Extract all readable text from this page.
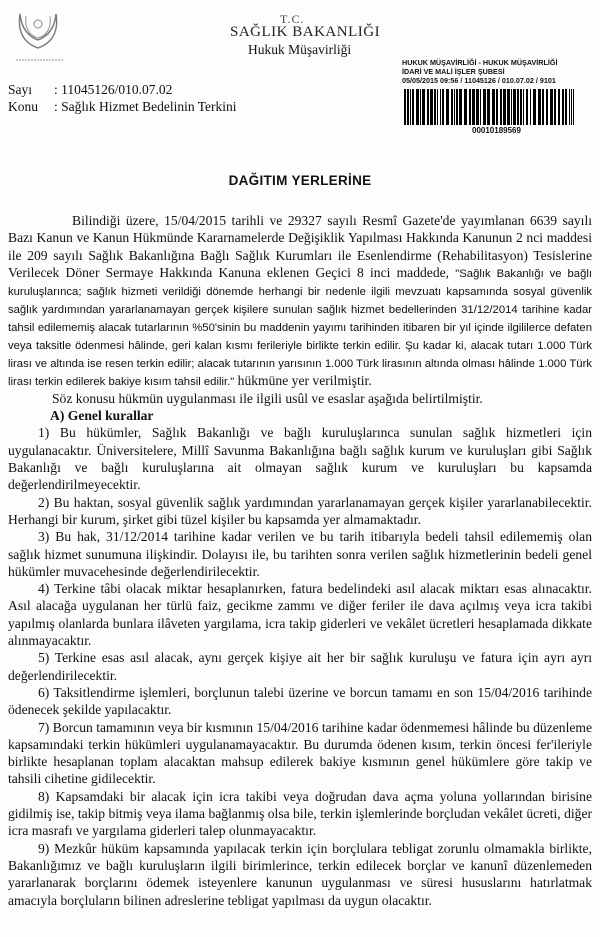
T.C.
SAĞLIK BAKANLIĞI
Hukuk Müşavirliği
Sayı : 11045126/010.07.02
Konu : Sağlık Hizmet Bedelinin Terkini
HUKUK MÜŞAVİRLİĞİ - HUKUK MÜŞAVİRLİĞİ
İDARİ VE MALİ İŞLER ŞUBESİ
05/05/2015 09:56 / 11045126 / 010.07.02 / 9101
00010189569
DAĞITIM YERLERİNE

Bilindiği üzere, 15/04/2015 tarihli ve 29327 sayılı Resmî Gazete'de yayımlanan 6639 sayılı Bazı Kanun ve Kanun Hükmünde Kararnamelerde Değişiklik Yapılması Hakkında Kanunun 2 nci maddesi ile 209 sayılı Sağlık Bakanlığına Bağlı Sağlık Kurumları ile Esenlendirme (Rehabilitasyon) Tesislerine Verilecek Döner Sermaye Hakkında Kanuna eklenen Geçici 8 inci maddede, "Sağlık Bakanlığı ve bağlı kuruluşlarınca; sağlık hizmeti verildiği dönemde herhangi bir nedenle ilgili mevzuatı kapsamında sosyal güvenlik sağlık yardımından yararlanamayan gerçek kişilere sunulan sağlık hizmet bedellerinden 31/12/2014 tarihine kadar tahsil edilememiş alacak tutarlarının %50'sinin bu maddenin yayımı tarihinden itibaren bir yıl içinde ilgililerce defaten veya taksitle ödenmesi hâlinde, geri kalan kısmı ferileriyle birlikte terkin edilir. Şu kadar ki, alacak tutarı 1.000 Türk lirası ve altında ise resen terkin edilir; alacak tutarının yarısının 1.000 Türk lirasının altında olması hâlinde 1.000 Türk lirası terkin edilerek bakiye kısım tahsil edilir." hükmüne yer verilmiştir.

Söz konusu hükmün uygulanması ile ilgili usûl ve esaslar aşağıda belirtilmiştir.

A) Genel kurallar

1) Bu hükümler, Sağlık Bakanlığı ve bağlı kuruluşlarınca sunulan sağlık hizmetleri için uygulanacaktır. Üniversitelere, Millî Savunma Bakanlığına bağlı sağlık kurum ve kuruluşları gibi Sağlık Bakanlığı ve bağlı kuruluşlarına ait olmayan sağlık kurum ve kuruluşları bu kapsamda değerlendirilmeyecektir.

2) Bu haktan, sosyal güvenlik sağlık yardımından yararlanamayan gerçek kişiler yararlanabilecektir. Herhangi bir kurum, şirket gibi tüzel kişiler bu kapsamda yer almamaktadır.

3) Bu hak, 31/12/2014 tarihine kadar verilen ve bu tarih itibarıyla bedeli tahsil edilememiş olan sağlık hizmet sunumuna ilişkindir. Dolayısı ile, bu tarihten sonra verilen sağlık hizmetlerinin bedeli genel hükümler muvacehesinde değerlendirilecektir.

4) Terkine tâbi olacak miktar hesaplanırken, fatura bedelindeki asıl alacak miktarı esas alınacaktır. Asıl alacağa uygulanan her türlü faiz, gecikme zammı ve diğer feriler ile dava açılmış veya icra takibi yapılmış olanlarda bunlara ilâveten yargılama, icra takip giderleri ve vekâlet ücretleri hesaplamada dikkate alınmayacaktır.

5) Terkine esas asıl alacak, aynı gerçek kişiye ait her bir sağlık kuruluşu ve fatura için ayrı ayrı değerlendirilecektir.

6) Taksitlendirme işlemleri, borçlunun talebi üzerine ve borcun tamamı en son 15/04/2016 tarihinde ödenecek şekilde yapılacaktır.

7) Borcun tamamının veya bir kısmının 15/04/2016 tarihine kadar ödenmemesi hâlinde bu düzenleme kapsamındaki terkin hükümleri uygulanamayacaktır. Bu durumda ödenen kısım, terkin öncesi fer'ileriyle birlikte hesaplanan toplam alacaktan mahsup edilerek bakiye kısmının genel hükümlere göre takip ve tahsili cihetine gidilecektir.

8) Kapsamdaki bir alacak için icra takibi veya doğrudan dava açma yoluna yollarından birisine gidilmiş ise, takip bitmiş veya ilama bağlanmış olsa bile, terkin işlemlerinde borçludan vekâlet ücreti, diğer icra masrafı ve yargılama giderleri talep olunmayacaktır.

9) Mezkûr hüküm kapsamında yapılacak terkin için borçlulara tebligat zorunlu olmamakla birlikte, Bakanlığımız ve bağlı kuruluşların ilgili birimlerince, terkin edilecek borçlar ve kanunî düzenlemeden yararlanarak borçlarını ödemek isteyenlere kanunun uygulanması ve süresi hususlarını hatırlatmak amacıyla borçluların bilinen adreslerine tebligat yapılması da uygun olacaktır.
